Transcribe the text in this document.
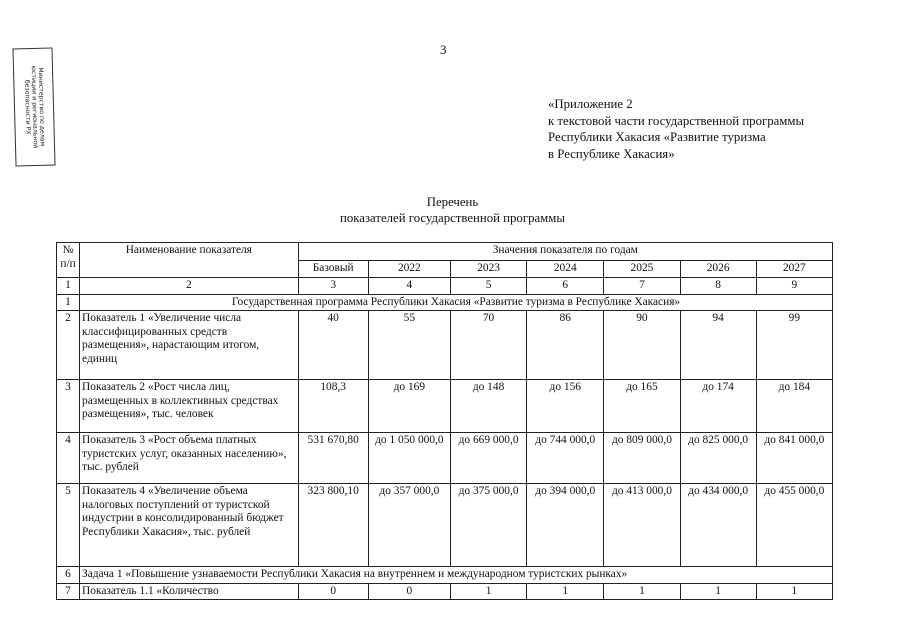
3
Министерство по делам
юстиции и региональной
безопасности РХ	«Приложение 2
к текстовой части государственной программы
Республики Хакасия «Развитие туризма
в Республике Хакасия»
Перечень
показателей государственной программы
№ п/п	Наименование показателя	Значения показателя по годам						
		Базовый	2022	2023	2024	2025	2026	2027
1	2	3	4	5	6	7	8	9
1	Государственная программа Республики Хакасия «Развитие туризма в Республике Хакасия»							
2	Показатель 1 «Увеличение числа классифицированных средств размещения», нарастающим итогом, единиц	40	55	70	86	90	94	99
3	Показатель 2 «Рост числа лиц, размещенных в коллективных средствах размещения», тыс. человек	108,3	до 169	до 148	до 156	до 165	до 174	до 184
4	Показатель 3 «Рост объема платных туристских услуг, оказанных населению», тыс. рублей	531 670,80	до 1 050 000,0	до 669 000,0	до 744 000,0	до 809 000,0	до 825 000,0	до 841 000,0
5	Показатель 4 «Увеличение объема налоговых поступлений от туристской индустрии в консолидированный бюджет Республики Хакасия», тыс. рублей	323 800,10	до 357 000,0	до 375 000,0	до 394 000,0	до 413 000,0	до 434 000,0	до 455 000,0
6	Задача 1 «Повышение узнаваемости Республики Хакасия на внутреннем и международном туристских рынках»							
7	Показатель 1.1 «Количество	0	0	1	1	1	1	1
